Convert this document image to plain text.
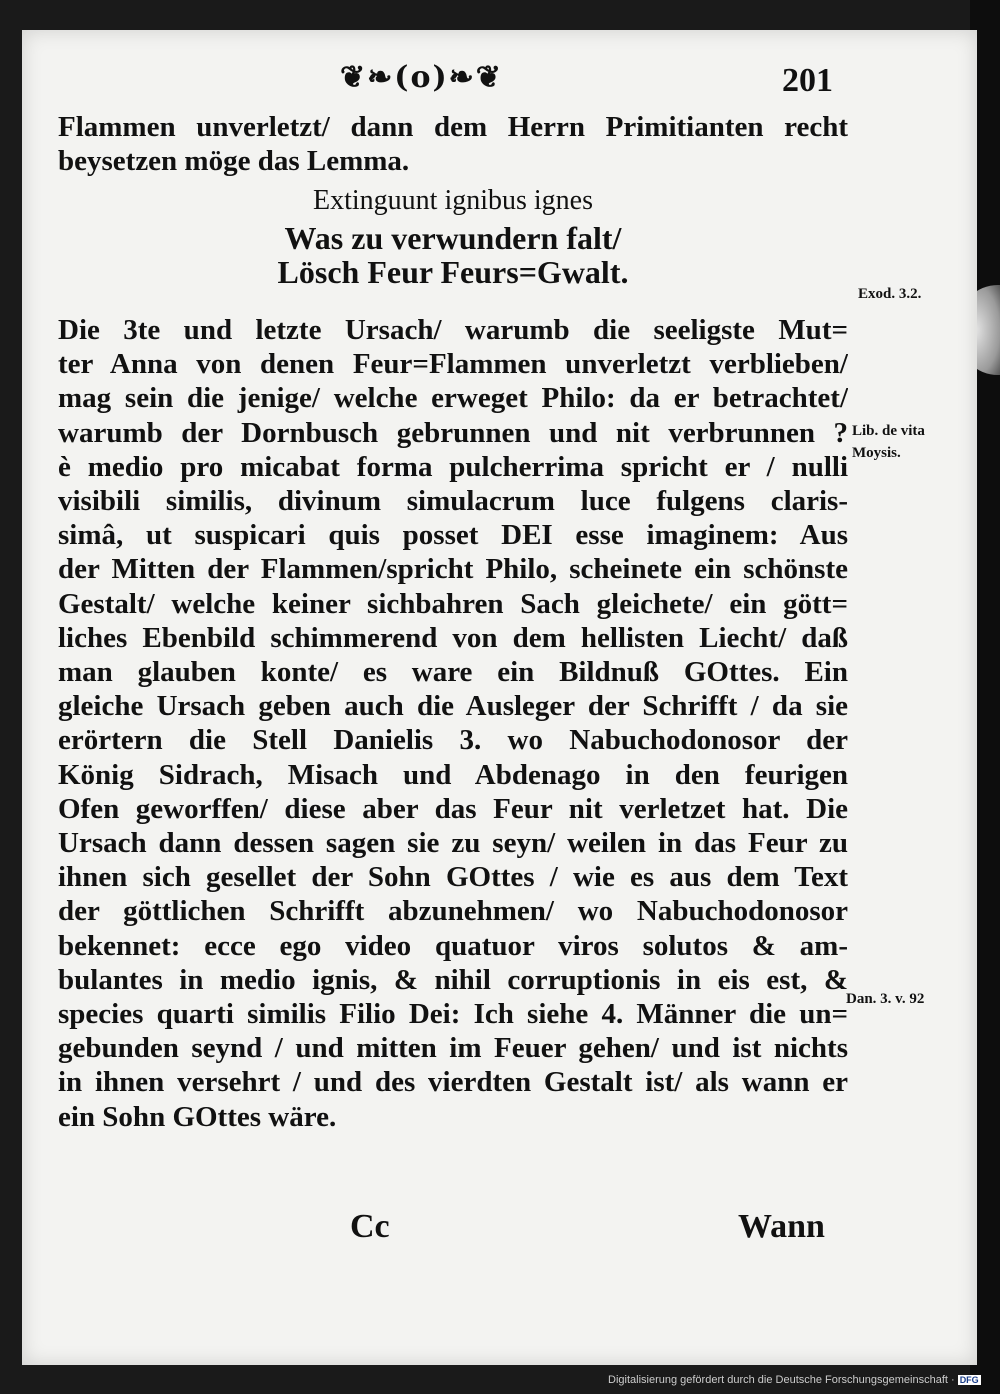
❦❧(o)❧❦	201
Flammen unverletzt/ dann dem Herrn Primitianten recht
beysetzen möge das Lemma.
Extinguunt ignibus ignes
Was zu verwundern falt/
Lösch Feur Feurs=Gwalt.
Die 3te und letzte Ursach/ warumb die seeligste Mut=
ter Anna von denen Feur=Flammen unverletzt verblieben/
mag sein die jenige/ welche erweget Philo: da er betrachtet/
warumb der Dornbusch gebrunnen und nit verbrunnen ?
è medio pro micabat forma pulcherrima spricht er / nulli
visibili similis, divinum simulacrum luce fulgens claris-
simâ, ut suspicari quis posset DEI esse imaginem: Aus
der Mitten der Flammen/spricht Philo, scheinete ein schönste
Gestalt/ welche keiner sichbahren Sach gleichete/ ein gött=
liches Ebenbild schimmerend von dem hellisten Liecht/ daß
man glauben konte/ es ware ein Bildnuß GOttes. Ein
gleiche Ursach geben auch die Ausleger der Schrifft / da sie
erörtern die Stell Danielis 3. wo Nabuchodonosor der
König Sidrach, Misach und Abdenago in den feurigen
Ofen geworffen/ diese aber das Feur nit verletzet hat. Die
Ursach dann dessen sagen sie zu seyn/ weilen in das Feur zu
ihnen sich gesellet der Sohn GOttes / wie es aus dem Text
der göttlichen Schrifft abzunehmen/ wo Nabuchodonosor
bekennet: ecce ego video quatuor viros solutos & am-
bulantes in medio ignis, & nihil corruptionis in eis est, &
species quarti similis Filio Dei: Ich siehe 4. Männer die un=
gebunden seynd / und mitten im Feuer gehen/ und ist nichts
in ihnen versehrt / und des vierdten Gestalt ist/ als wann er
ein Sohn GOttes wäre.
Exod. 3.2.
Lib. de vita
Moysis.
Dan. 3. v. 92
Cc	Wann
Digitalisierung gefördert durch die Deutsche Forschungsgemeinschaft · DFG
